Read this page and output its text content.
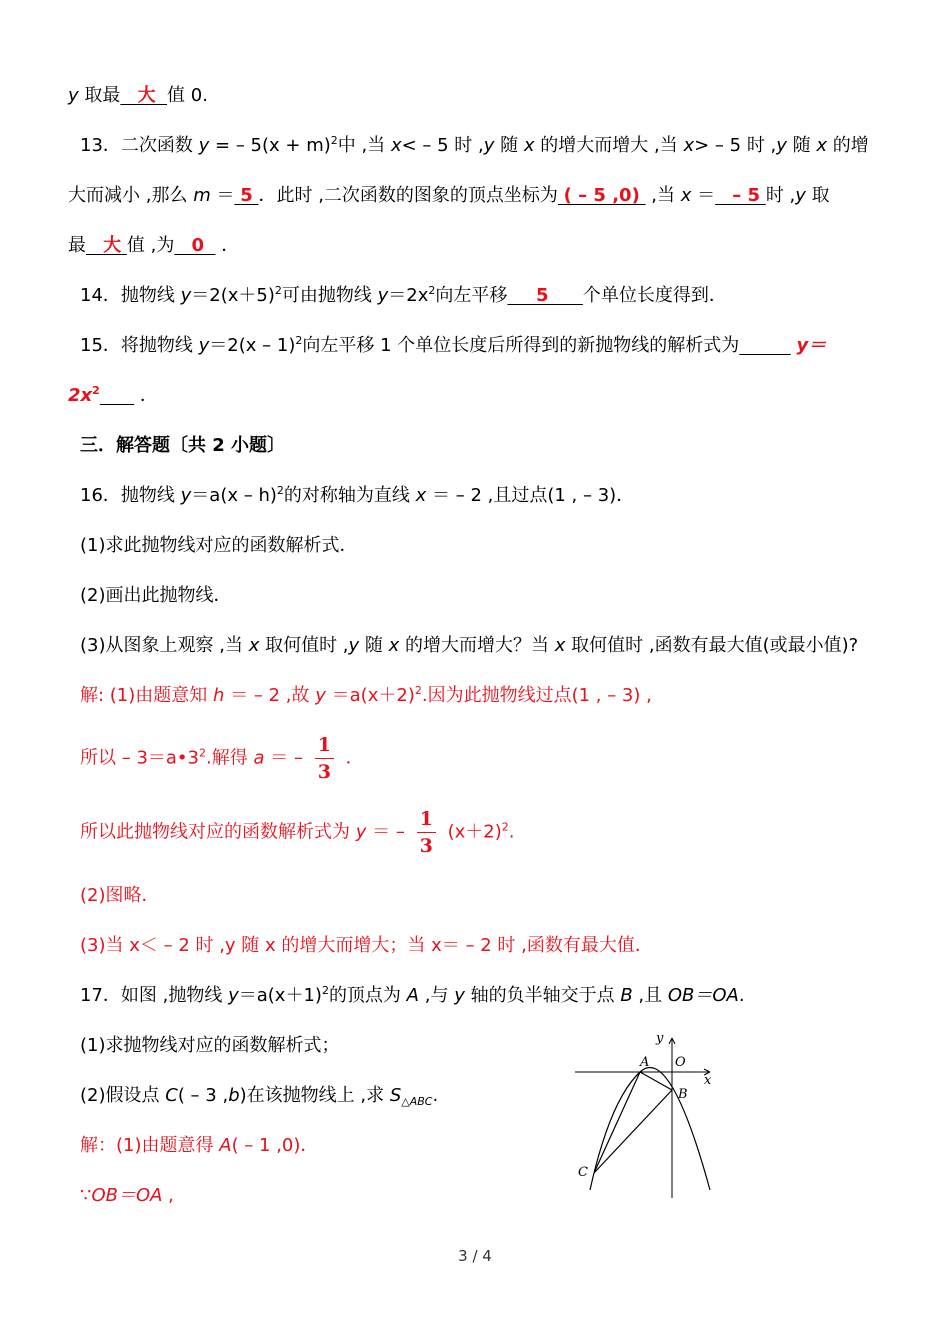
y 取最 大 值 0.
13．二次函数 y = – $5(x + m)^2$中 ,当 x< – 5 时 ,y 随 x 的增大而增大 ,当 x> – 5 时 ,y 随 x 的增
大而减小 ,那么 m ＝ 5 ．此时 ,二次函数的图象的顶点坐标为 ( – 5 ,0)  ,当 x ＝ – 5 时 ,y 取
最 大 值 ,为 0 ．
14．抛物线 $y=2(x+5)^2$可由抛物线 $y=2x^2$向左平移 5 个单位长度得到．
15．将抛物线 y＝2(x – 1)$^2$向左平移 1 个单位长度后所得到的新抛物线的解析式为	y＝
$2x^2$ ．
三．解答题〔共 2 小题〕
16．抛物线 y＝a(x – h)$^2$的对称轴为直线 x ＝ – 2 ,且过点(1 , – 3)．
(1)求此抛物线对应的函数解析式．
(2)画出此抛物线．
(3)从图象上观察 ,当 x 取何值时 ,y 随 x 的增大而增大？当 x 取何值时 ,函数有最大值(或最小值)?
解: (1)由题意知 h ＝ – 2 ,故 $y =a(x+2)^2$.因为此抛物线过点(1 , – 3) ,
所以 – $3=a•3^2$.解得 a ＝ – $\frac{1}{3}$ ．
所以此抛物线对应的函数解析式为 y ＝ – $\frac{1}{3} (x+2)^2$.
(2)图略．
(3)当 x＜ – 2 时 ,y 随 x 的增大而增大；当 x＝ – 2 时 ,函数有最大值．
17．如图 ,抛物线 $y=a(x+1)^2$的顶点为 A ,与 y 轴的负半轴交于点 B ,且 OB＝OA.
(1)求抛物线对应的函数解析式；
(2)假设点 C( – 3 ,b)在该抛物线上 ,求 $S_{\triangle ABC}$.
解：(1)由题意得 A( – 1 ,0)．
∵OB＝OA ,
y
x
A O
B
C
3 / 4
